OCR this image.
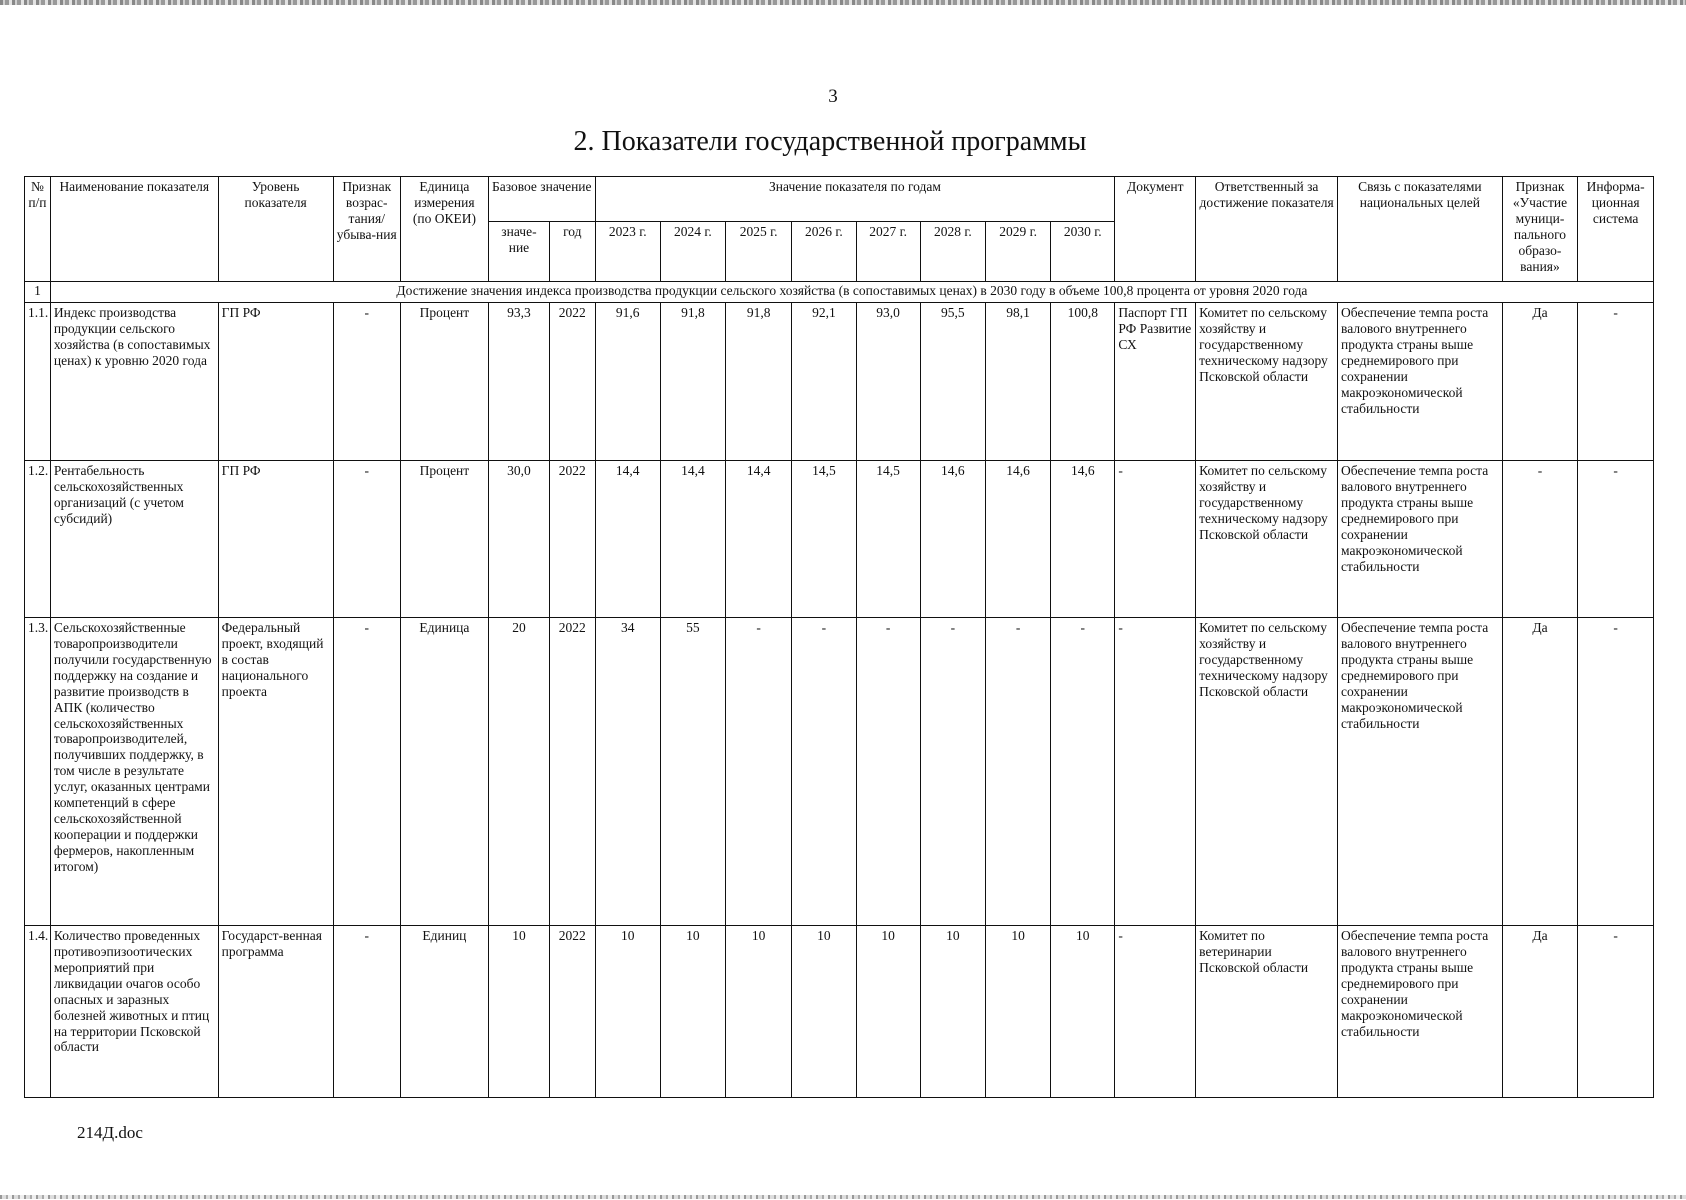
3
2. Показатели государственной программы
№ п/п	Наименование показателя	Уровень показателя	Признак возрас-тания/ убыва-ния	Единица измерения (по ОКЕИ)	Базовое значение		Значение показателя по годам								Документ	Ответственный за достижение показателя	Связь с показателями национальных целей	Признак «Участие муници-пального образо-вания»	Информа-ционная система
					значе-ние	год	2023 г.	2024 г.	2025 г.	2026 г.	2027 г.	2028 г.	2029 г.	2030 г.					
1	Достижение значения индекса производства продукции сельского хозяйства (в сопоставимых ценах) в 2030 году в объеме 100,8 процента от уровня 2020 года																		
1.1.	Индекс производства продукции сельского хозяйства (в сопоставимых ценах) к уровню 2020 года	ГП РФ	-	Процент	93,3	2022	91,6	91,8	91,8	92,1	93,0	95,5	98,1	100,8	Паспорт ГП РФ Развитие СХ	Комитет по сельскому хозяйству и государственному техническому надзору Псковской области	Обеспечение темпа роста валового внутреннего продукта страны выше среднемирового при сохранении макроэкономической стабильности	Да	-
1.2.	Рентабельность сельскохозяйственных организаций (с учетом субсидий)	ГП РФ	-	Процент	30,0	2022	14,4	14,4	14,4	14,5	14,5	14,6	14,6	14,6	-	Комитет по сельскому хозяйству и государственному техническому надзору Псковской области	Обеспечение темпа роста валового внутреннего продукта страны выше среднемирового при сохранении макроэкономической стабильности	-	-
1.3.	Сельскохозяйственные товаропроизводители получили государственную поддержку на создание и развитие производств в АПК (количество сельскохозяйственных товаропроизводителей, получивших поддержку, в том числе в результате услуг, оказанных центрами компетенций в сфере сельскохозяйственной кооперации и поддержки фермеров, накопленным итогом)	Федеральный проект, входящий в состав национального проекта	-	Единица	20	2022	34	55	-	-	-	-	-	-	-	Комитет по сельскому хозяйству и государственному техническому надзору Псковской области	Обеспечение темпа роста валового внутреннего продукта страны выше среднемирового при сохранении макроэкономической стабильности	Да	-
1.4.	Количество проведенных противоэпизоотических мероприятий при ликвидации очагов особо опасных и заразных болезней животных и птиц на территории Псковской области	Государст-венная программа	-	Единиц	10	2022	10	10	10	10	10	10	10	10	-	Комитет по ветеринарии Псковской области	Обеспечение темпа роста валового внутреннего продукта страны выше среднемирового при сохранении макроэкономической стабильности	Да	-
214Д.doc
